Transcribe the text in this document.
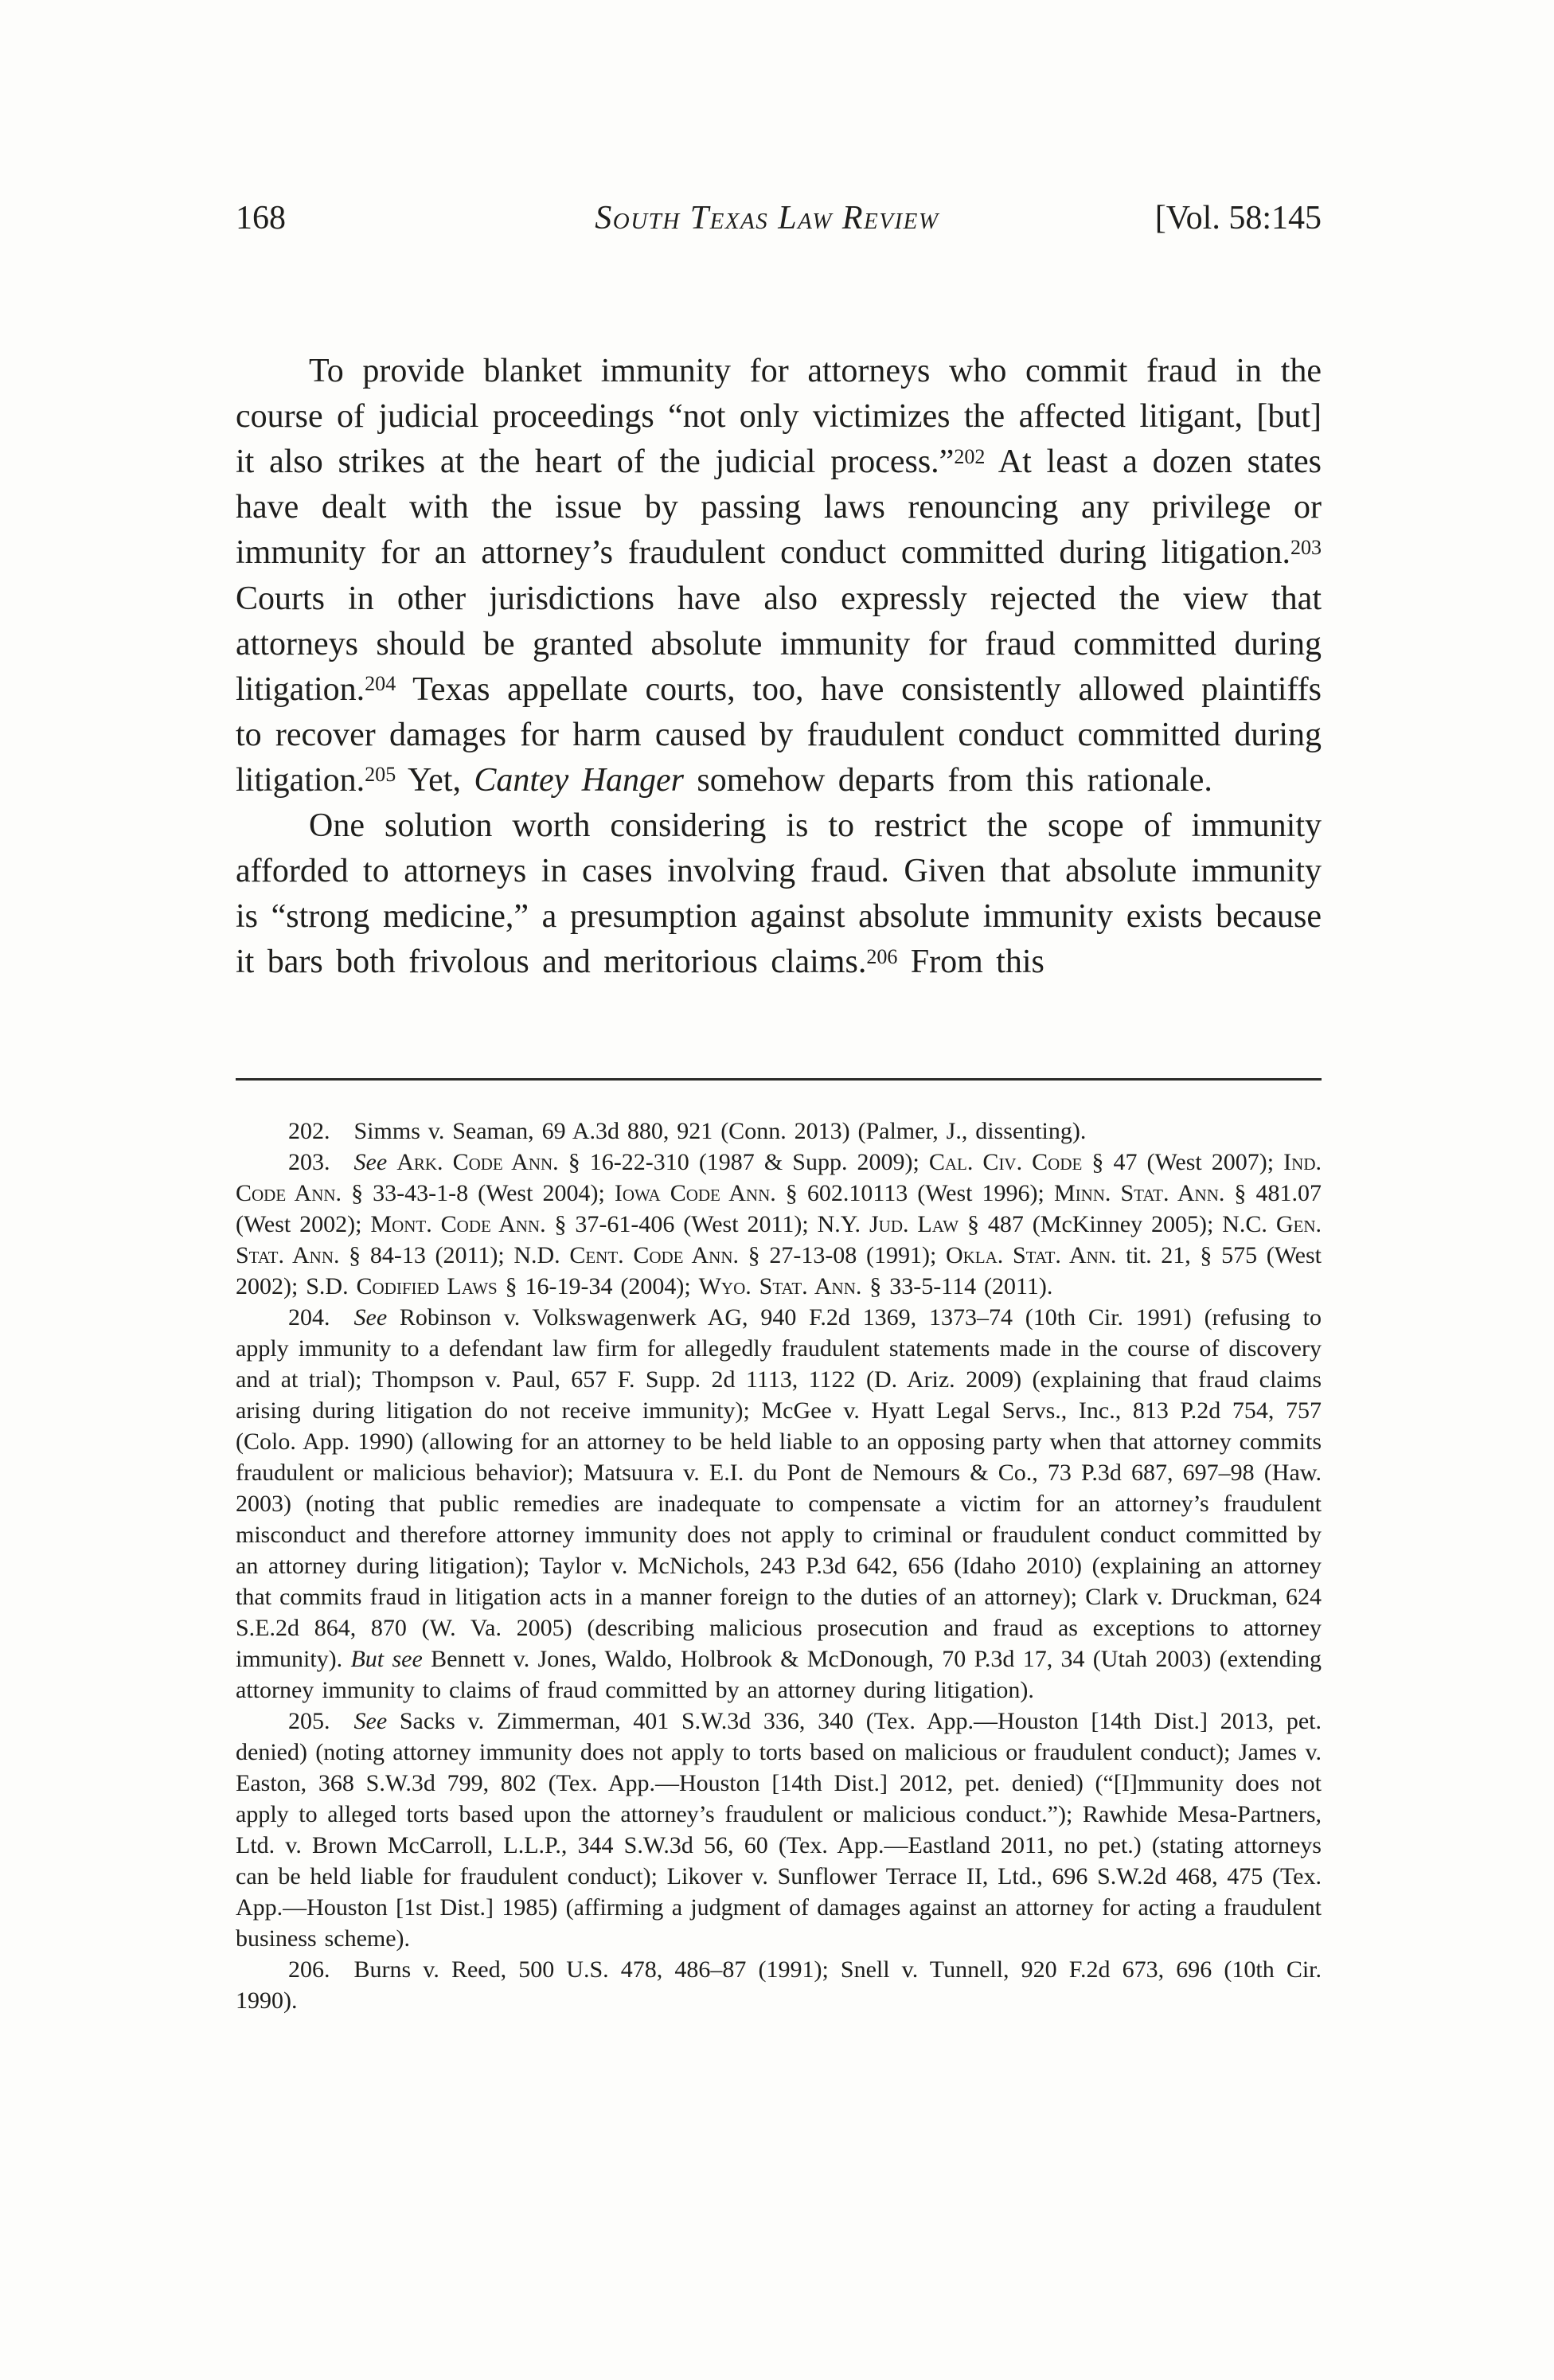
168	South Texas Law Review	[Vol. 58:145

To provide blanket immunity for attorneys who commit fraud in the course of judicial proceedings “not only victimizes the affected litigant, [but] it also strikes at the heart of the judicial process.”$^{202}$ At least a dozen states have dealt with the issue by passing laws renouncing any privilege or immunity for an attorney’s fraudulent conduct committed during litigation.$^{203}$ Courts in other jurisdictions have also expressly rejected the view that attorneys should be granted absolute immunity for fraud committed during litigation.$^{204}$ Texas appellate courts, too, have consistently allowed plaintiffs to recover damages for harm caused by fraudulent conduct committed during litigation.$^{205}$ Yet, Cantey Hanger somehow departs from this rationale.

One solution worth considering is to restrict the scope of immunity afforded to attorneys in cases involving fraud. Given that absolute immunity is “strong medicine,” a presumption against absolute immunity exists because it bars both frivolous and meritorious claims.$^{206}$ From this

202. Simms v. Seaman, 69 A.3d 880, 921 (Conn. 2013) (Palmer, J., dissenting).

203. See Ark. Code Ann. § 16-22-310 (1987 & Supp. 2009); Cal. Civ. Code § 47 (West 2007); Ind. Code Ann. § 33-43-1-8 (West 2004); Iowa Code Ann. § 602.10113 (West 1996); Minn. Stat. Ann. § 481.07 (West 2002); Mont. Code Ann. § 37-61-406 (West 2011); N.Y. Jud. Law § 487 (McKinney 2005); N.C. Gen. Stat. Ann. § 84-13 (2011); N.D. Cent. Code Ann. § 27-13-08 (1991); Okla. Stat. Ann. tit. 21, § 575 (West 2002); S.D. Codified Laws § 16-19-34 (2004); Wyo. Stat. Ann. § 33-5-114 (2011).

204. See Robinson v. Volkswagenwerk AG, 940 F.2d 1369, 1373–74 (10th Cir. 1991) (refusing to apply immunity to a defendant law firm for allegedly fraudulent statements made in the course of discovery and at trial); Thompson v. Paul, 657 F. Supp. 2d 1113, 1122 (D. Ariz. 2009) (explaining that fraud claims arising during litigation do not receive immunity); McGee v. Hyatt Legal Servs., Inc., 813 P.2d 754, 757 (Colo. App. 1990) (allowing for an attorney to be held liable to an opposing party when that attorney commits fraudulent or malicious behavior); Matsuura v. E.I. du Pont de Nemours & Co., 73 P.3d 687, 697–98 (Haw. 2003) (noting that public remedies are inadequate to compensate a victim for an attorney’s fraudulent misconduct and therefore attorney immunity does not apply to criminal or fraudulent conduct committed by an attorney during litigation); Taylor v. McNichols, 243 P.3d 642, 656 (Idaho 2010) (explaining an attorney that commits fraud in litigation acts in a manner foreign to the duties of an attorney); Clark v. Druckman, 624 S.E.2d 864, 870 (W. Va. 2005) (describing malicious prosecution and fraud as exceptions to attorney immunity). But see Bennett v. Jones, Waldo, Holbrook & McDonough, 70 P.3d 17, 34 (Utah 2003) (extending attorney immunity to claims of fraud committed by an attorney during litigation).

205. See Sacks v. Zimmerman, 401 S.W.3d 336, 340 (Tex. App.—Houston [14th Dist.] 2013, pet. denied) (noting attorney immunity does not apply to torts based on malicious or fraudulent conduct); James v. Easton, 368 S.W.3d 799, 802 (Tex. App.—Houston [14th Dist.] 2012, pet. denied) (“[I]mmunity does not apply to alleged torts based upon the attorney’s fraudulent or malicious conduct.”); Rawhide Mesa-Partners, Ltd. v. Brown McCarroll, L.L.P., 344 S.W.3d 56, 60 (Tex. App.—Eastland 2011, no pet.) (stating attorneys can be held liable for fraudulent conduct); Likover v. Sunflower Terrace II, Ltd., 696 S.W.2d 468, 475 (Tex. App.—Houston [1st Dist.] 1985) (affirming a judgment of damages against an attorney for acting a fraudulent business scheme).

206. Burns v. Reed, 500 U.S. 478, 486–87 (1991); Snell v. Tunnell, 920 F.2d 673, 696 (10th Cir. 1990).
